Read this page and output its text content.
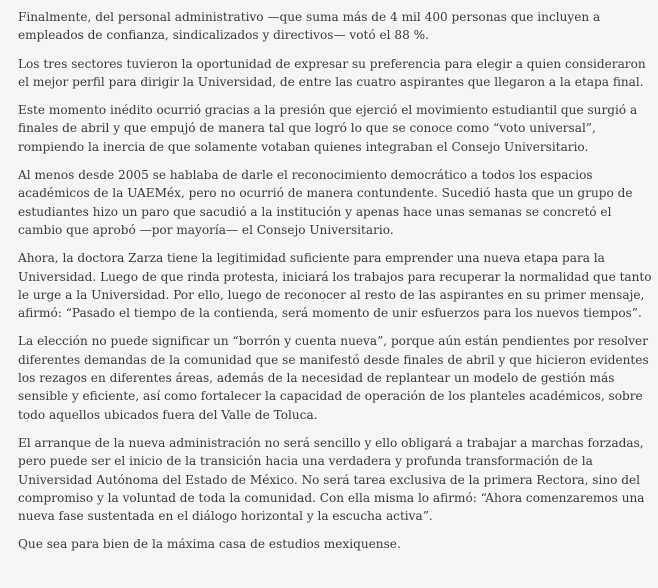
Finalmente, del personal administrativo —que suma más de 4 mil 400 personas que incluyen a empleados de confianza, sindicalizados y directivos— votó el 88 %.

Los tres sectores tuvieron la oportunidad de expresar su preferencia para elegir a quien consideraron el mejor perfil para dirigir la Universidad, de entre las cuatro aspirantes que llegaron a la etapa final.

Este momento inédito ocurrió gracias a la presión que ejerció el movimiento estudiantil que surgió a finales de abril y que empujó de manera tal que logró lo que se conoce como “voto universal”, rompiendo la inercia de que solamente votaban quienes integraban el Consejo Universitario.

Al menos desde 2005 se hablaba de darle el reconocimiento democrático a todos los espacios académicos de la UAEMéx, pero no ocurrió de manera contundente. Sucedió hasta que un grupo de estudiantes hizo un paro que sacudió a la institución y apenas hace unas semanas se concretó el cambio que aprobó —por mayoría— el Consejo Universitario.

Ahora, la doctora Zarza tiene la legitimidad suficiente para emprender una nueva etapa para la Universidad. Luego de que rinda protesta, iniciará los trabajos para recuperar la normalidad que tanto le urge a la Universidad. Por ello, luego de reconocer al resto de las aspirantes en su primer mensaje, afirmó: “Pasado el tiempo de la contienda, será momento de unir esfuerzos para los nuevos tiempos”.

La elección no puede significar un “borrón y cuenta nueva”, porque aún están pendientes por resolver diferentes demandas de la comunidad que se manifestó desde finales de abril y que hicieron evidentes los rezagos en diferentes áreas, además de la necesidad de replantear un modelo de gestión más sensible y eficiente, así como fortalecer la capacidad de operación de los planteles académicos, sobre todo aquellos ubicados fuera del Valle de Toluca.

El arranque de la nueva administración no será sencillo y ello obligará a trabajar a marchas forzadas, pero puede ser el inicio de la transición hacia una verdadera y profunda transformación de la Universidad Autónoma del Estado de México. No será tarea exclusiva de la primera Rectora, sino del compromiso y la voluntad de toda la comunidad. Con ella misma lo afirmó: “Ahora comenzaremos una nueva fase sustentada en el diálogo horizontal y la escucha activa”.

Que sea para bien de la máxima casa de estudios mexiquense.
